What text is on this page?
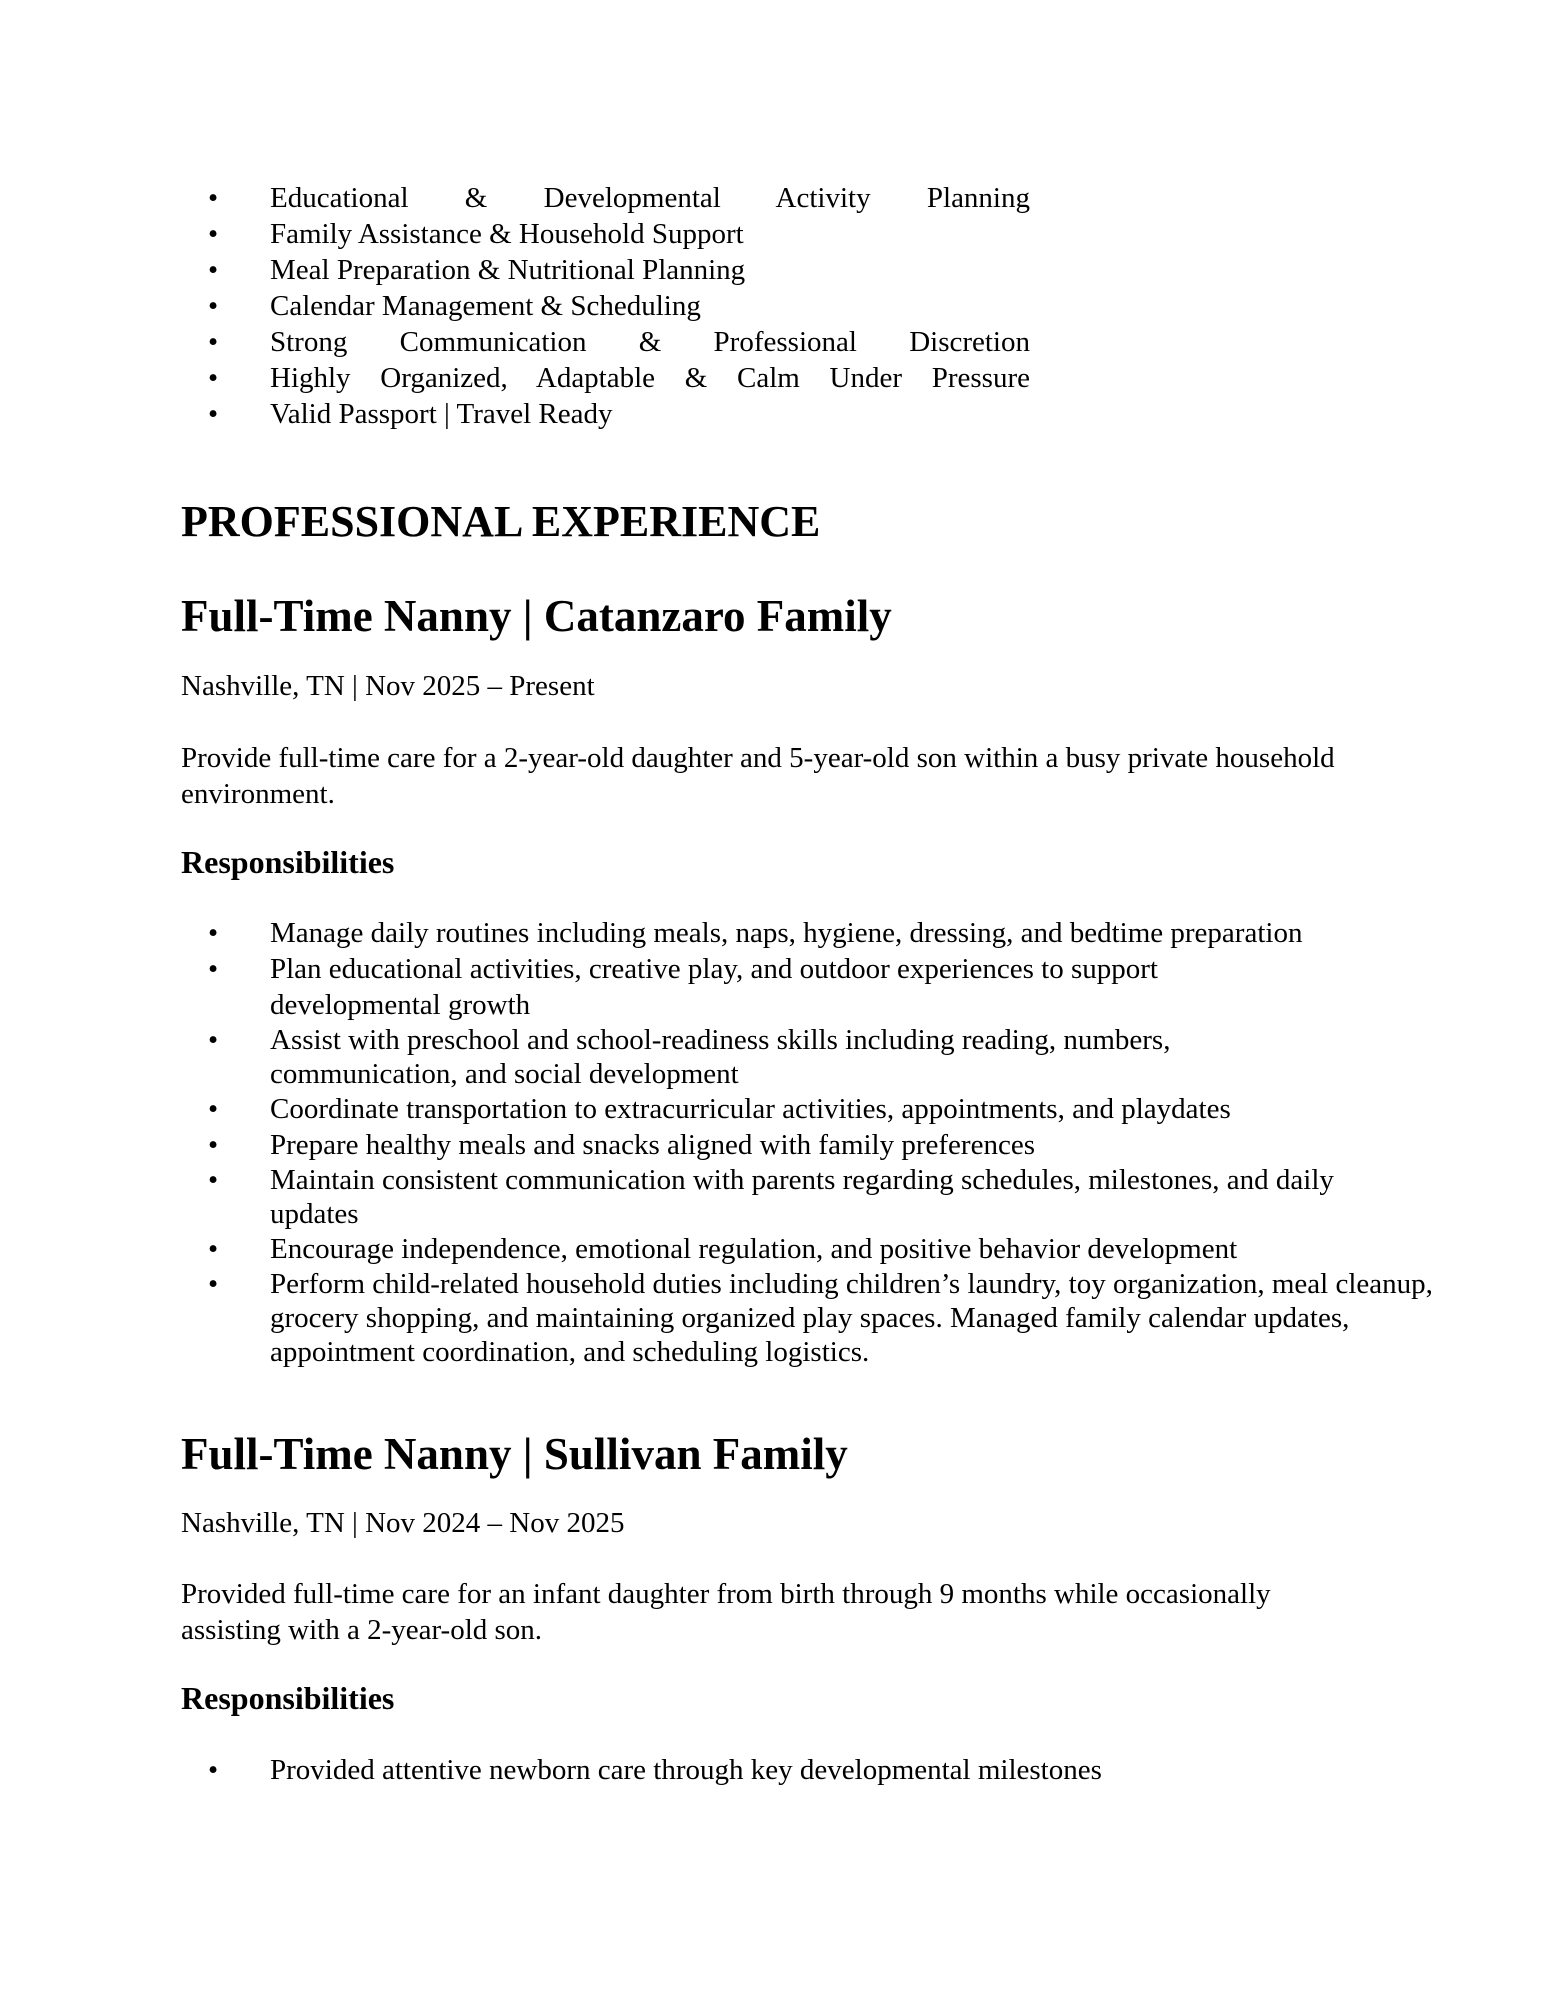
• Educational & Developmental Activity Planning
• Family Assistance & Household Support
• Meal Preparation & Nutritional Planning
• Calendar Management & Scheduling
• Strong Communication & Professional Discretion
• Highly Organized, Adaptable & Calm Under Pressure
• Valid Passport | Travel Ready
PROFESSIONAL EXPERIENCE
Full-Time Nanny | Catanzaro Family
Nashville, TN | Nov 2025 – Present
Provide full-time care for a 2-year-old daughter and 5-year-old son within a busy private household environment.
Responsibilities
• Manage daily routines including meals, naps, hygiene, dressing, and bedtime preparation
• Plan educational activities, creative play, and outdoor experiences to support developmental growth
• Assist with preschool and school-readiness skills including reading, numbers, communication, and social development
• Coordinate transportation to extracurricular activities, appointments, and playdates
• Prepare healthy meals and snacks aligned with family preferences
• Maintain consistent communication with parents regarding schedules, milestones, and daily updates
• Encourage independence, emotional regulation, and positive behavior development
• Perform child-related household duties including children’s laundry, toy organization, meal cleanup, grocery shopping, and maintaining organized play spaces. Managed family calendar updates, appointment coordination, and scheduling logistics.
Full-Time Nanny | Sullivan Family
Nashville, TN | Nov 2024 – Nov 2025
Provided full-time care for an infant daughter from birth through 9 months while occasionally assisting with a 2-year-old son.
Responsibilities
• Provided attentive newborn care through key developmental milestones
